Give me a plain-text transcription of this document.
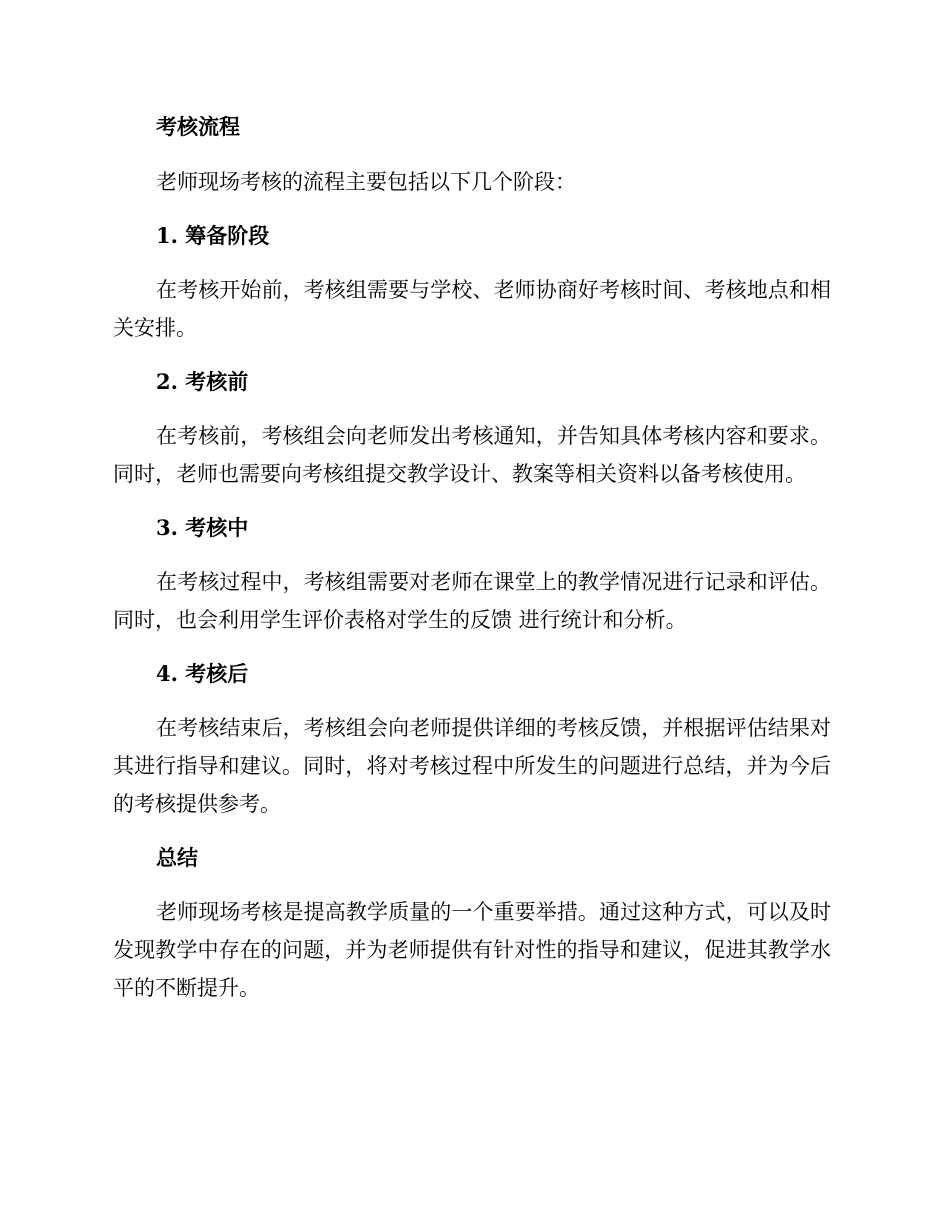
考核流程

老师现场考核的流程主要包括以下几个阶段：

1. 筹备阶段

在考核开始前，考核组需要与学校、老师协商好考核时间、考核地点和相关安排。

2. 考核前

在考核前，考核组会向老师发出考核通知，并告知具体考核内容和要求。同时，老师也需要向考核组提交教学设计、教案等相关资料以备考核使用。

3. 考核中

在考核过程中，考核组需要对老师在课堂上的教学情况进行记录和评估。同时，也会利用学生评价表格对学生的反馈 进行统计和分析。

4. 考核后

在考核结束后，考核组会向老师提供详细的考核反馈，并根据评估结果对其进行指导和建议。同时，将对考核过程中所发生的问题进行总结，并为今后的考核提供参考。

总结

老师现场考核是提高教学质量的一个重要举措。通过这种方式，可以及时发现教学中存在的问题，并为老师提供有针对性的指导和建议，促进其教学水平的不断提升。
